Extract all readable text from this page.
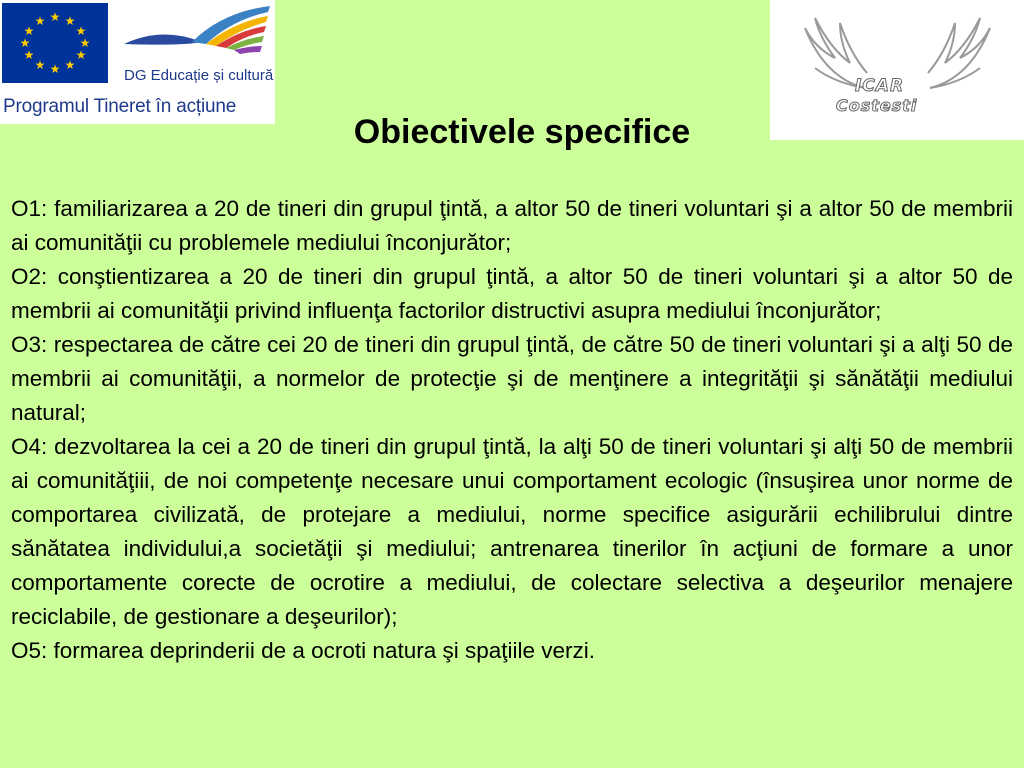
★ ★
★
★
★
★
★
★
★
★
★
★
DG Educație și cultură
Programul Tineret în acțiune
ICAR
Costesti
Obiectivele specifice

O1: familiarizarea a 20 de tineri din grupul ţintă, a altor 50 de tineri voluntari şi a altor 50 de membrii ai comunităţii cu problemele mediului înconjurător;

O2: conştientizarea a 20 de tineri din grupul ţintă, a altor 50 de tineri voluntari şi a altor 50 de membrii ai comunităţii privind influenţa factorilor distructivi asupra mediului înconjurător;

O3: respectarea de către cei 20 de tineri din grupul ţintă, de către 50 de tineri voluntari şi a alţi 50 de membrii ai comunităţii, a normelor de protecţie şi de menţinere a integrităţii şi sănătăţii mediului natural;

O4: dezvoltarea la cei a 20 de tineri din grupul ţintă, la alţi 50 de tineri voluntari şi alţi 50 de membrii ai comunităţiii, de noi competenţe necesare unui comportament ecologic (însuşirea unor norme de comportarea civilizată, de protejare a mediului, norme specifice asigurării echilibrului dintre sănătatea individului,a societăţii şi mediului; antrenarea tinerilor în acţiuni de formare a unor comportamente corecte de ocrotire a mediului, de colectare selectiva a deşeurilor menajere reciclabile, de gestionare a deşeurilor);

O5: formarea deprinderii de a ocroti natura şi spaţiile verzi.
